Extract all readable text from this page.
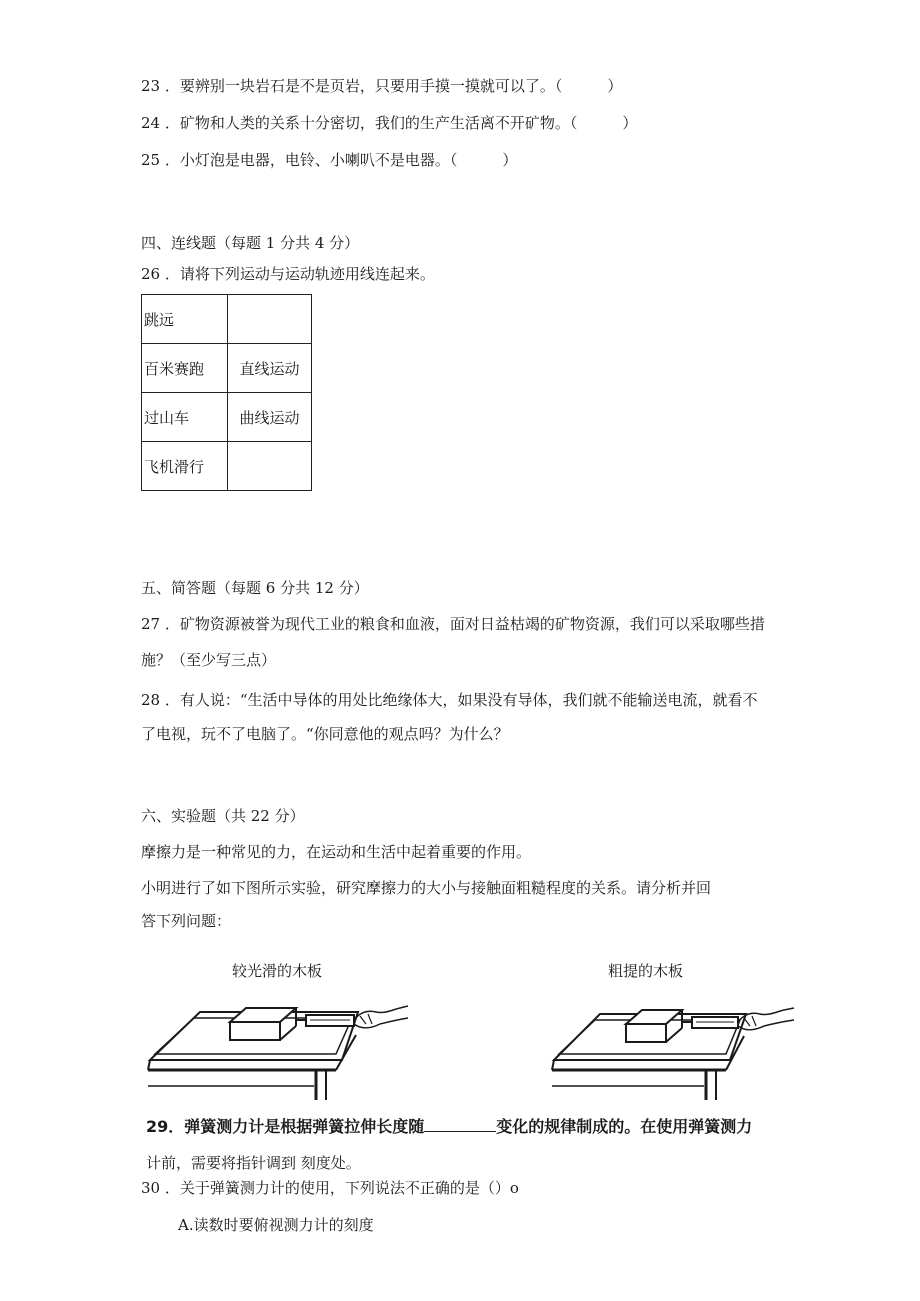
23 ．要辨别一块岩石是不是页岩，只要用手摸一摸就可以了。（　　　）
24 ．矿物和人类的关系十分密切，我们的生产生活离不开矿物。（　　　）
25 ．小灯泡是电器，电铃、小喇叭不是电器。（　　　）
四、连线题（每题 1 分共 4 分）
26 ．请将下列运动与运动轨迹用线连起来。
跳远	
百米赛跑	直线运动
过山车	曲线运动
飞机滑行	
五、简答题（每题 6 分共 12 分）
27 ．矿物资源被誉为现代工业的粮食和血液，面对日益枯竭的矿物资源，我们可以采取哪些措
施？（至少写三点）
28 ．有人说：“生活中导体的用处比绝缘体大，如果没有导体，我们就不能输送电流，就看不
了电视，玩不了电脑了。“你同意他的观点吗？为什么？
六、实验题（共 22 分）
摩擦力是一种常见的力，在运动和生活中起着重要的作用。
小明进行了如下图所示实验，研究摩擦力的大小与接触面粗糙程度的关系。请分析并回
答下列问题：
较光滑的木板	粗提的木板
29．弹簧测力计是根据弹簧拉伸长度随	变化的规律制成的。在使用弹簧测力
计前，需要将指针调到 刻度处。
30 ．关于弹簧测力计的使用，下列说法不正确的是（）o
A.读数时要俯视测力计的刻度
